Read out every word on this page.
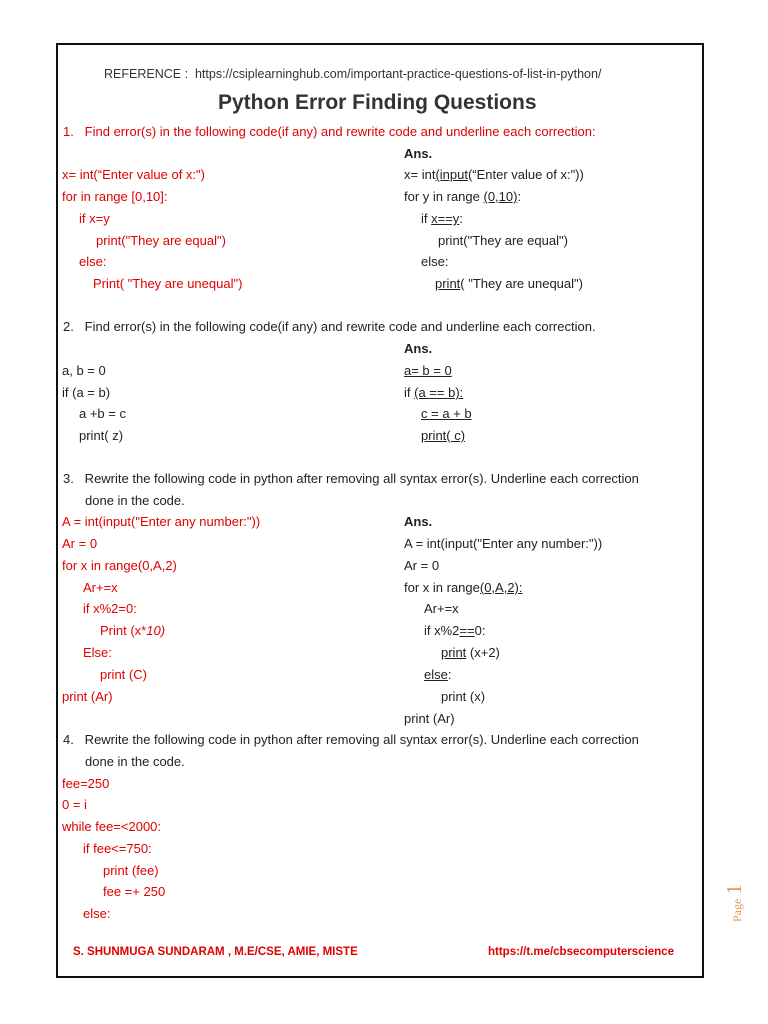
REFERENCE :  https://csiplearninghub.com/important-practice-questions-of-list-in-python/
Python Error Finding Questions
1.   Find error(s) in the following code(if any) and rewrite code and underline each correction:
Ans.
x= int(“Enter value of x:")
for in range [0,10]:
if x=y
print("They are equal")
else:
Print( "They are unequal")
x= int(input(“Enter value of x:"))
for y in range (0,10):
if x==y:
print("They are equal")
else:
print( "They are unequal")
2.   Find error(s) in the following code(if any) and rewrite code and underline each correction.
Ans.
a, b = 0
if (a = b)
a +b = c
print( z)
a= b = 0
if (a == b):
c = a + b
print( c)
3.   Rewrite the following code in python after removing all syntax error(s). Underline each correction
done in the code.
Ans.
A = int(input("Enter any number:"))
Ar = 0
for x in range(0,A,2)
Ar+=x
if x%2=0:
Print (x*10)
Else:
print (C)
print (Ar)
A = int(input("Enter any number:"))
Ar = 0
for x in range(0,A,2):
Ar+=x
if x%2==0:
print (x+2)
else:
print (x)
print (Ar)
4.   Rewrite the following code in python after removing all syntax error(s). Underline each correction
done in the code.
fee=250
0 = i
while fee=<2000:
if fee<=750:
print (fee)
fee =+ 250
else:
S. SHUNMUGA SUNDARAM , M.E/CSE, AMIE, MISTE	https://t.me/cbsecomputerscience
Page 1
